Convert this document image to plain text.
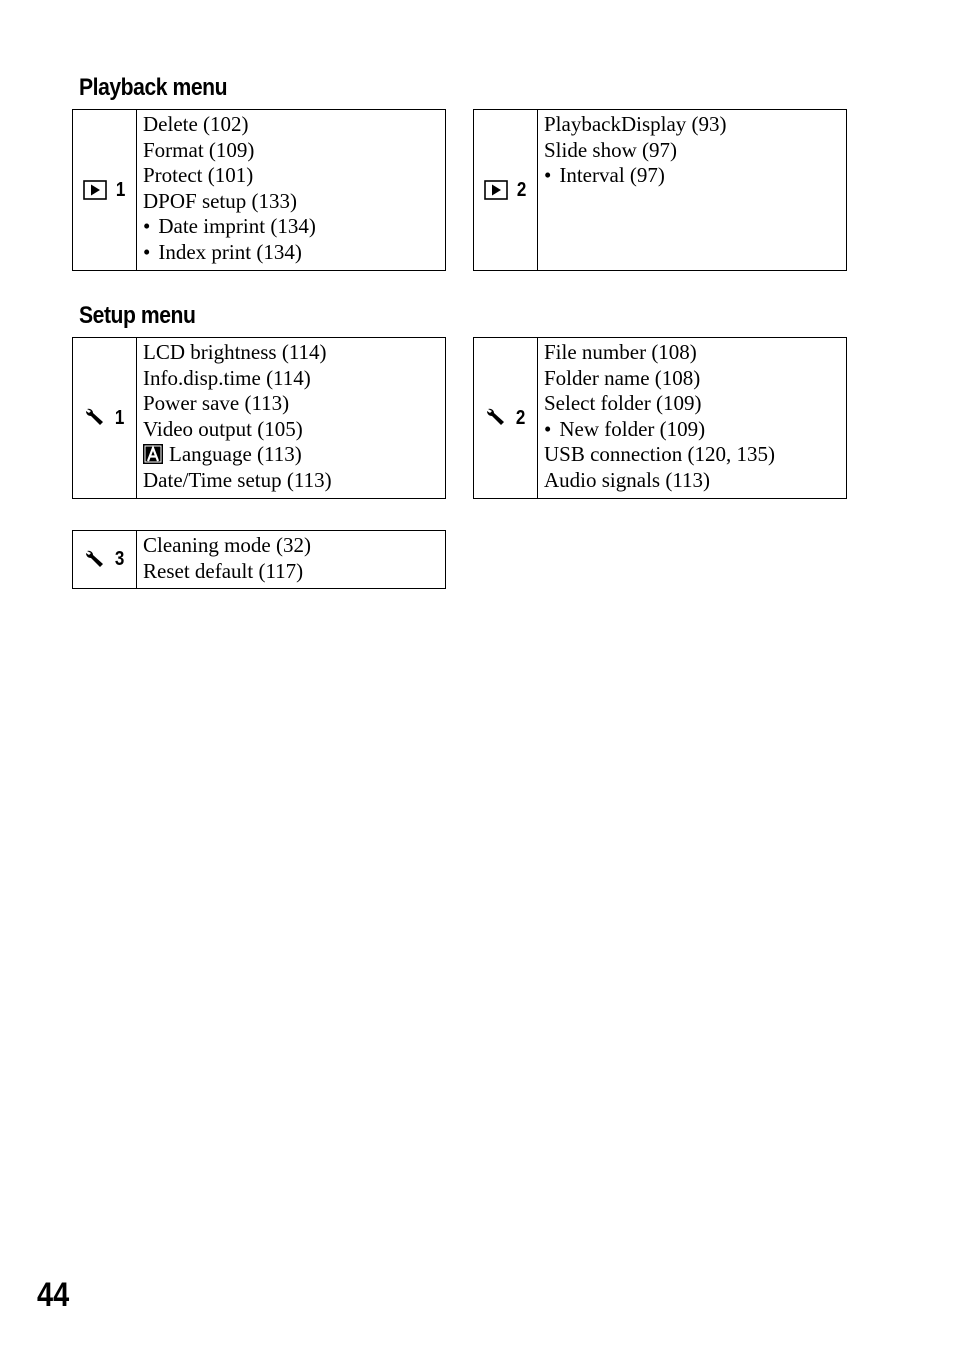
Playback menu
1
Delete (102)
Format (109)
Protect (101)
DPOF setup (133)
• Date imprint (134)
• Index print (134)
2
PlaybackDisplay (93)
Slide show (97)
• Interval (97)
Setup menu
1
LCD brightness (114)
Info.disp.time (114)
Power save (113)
Video output (105)
Language (113)
Date/Time setup (113)
2
File number (108)
Folder name (108)
Select folder (109)
• New folder (109)
USB connection (120, 135)
Audio signals (113)
3
Cleaning mode (32)
Reset default (117)
44
